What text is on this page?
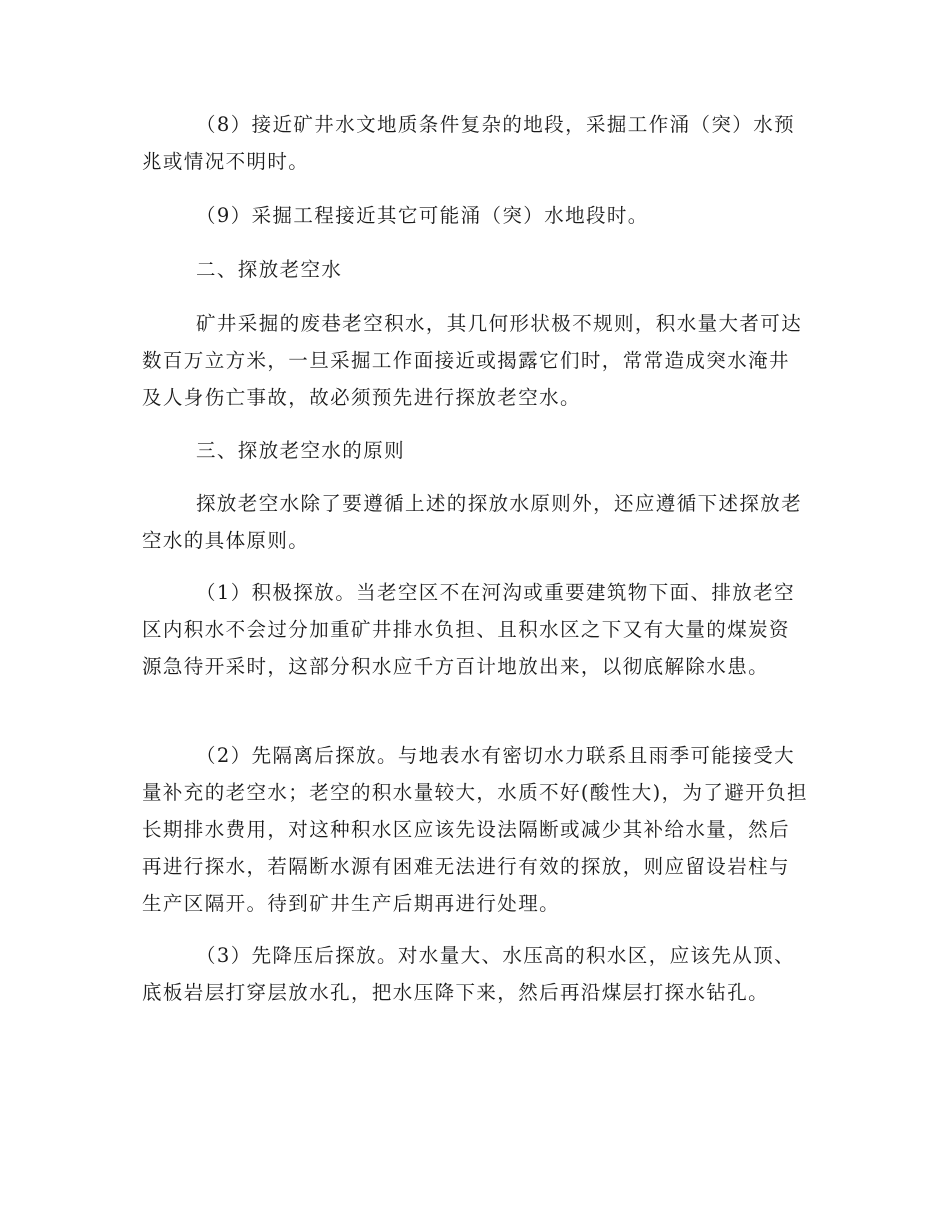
（8）接近矿井水文地质条件复杂的地段，采掘工作涌（突）水预兆或情况不明时。

（9）采掘工程接近其它可能涌（突）水地段时。

二、探放老空水

矿井采掘的废巷老空积水，其几何形状极不规则，积水量大者可达数百万立方米，一旦采掘工作面接近或揭露它们时，常常造成突水淹井及人身伤亡事故，故必须预先进行探放老空水。

三、探放老空水的原则

探放老空水除了要遵循上述的探放水原则外，还应遵循下述探放老空水的具体原则。

（1）积极探放。当老空区不在河沟或重要建筑物下面、排放老空区内积水不会过分加重矿井排水负担、且积水区之下又有大量的煤炭资源急待开采时，这部分积水应千方百计地放出来，以彻底解除水患。

（2）先隔离后探放。与地表水有密切水力联系且雨季可能接受大量补充的老空水；老空的积水量较大，水质不好(酸性大)，为了避开负担长期排水费用，对这种积水区应该先设法隔断或减少其补给水量，然后再进行探水，若隔断水源有困难无法进行有效的探放，则应留设岩柱与生产区隔开。待到矿井生产后期再进行处理。

（3）先降压后探放。对水量大、水压高的积水区，应该先从顶、底板岩层打穿层放水孔，把水压降下来，然后再沿煤层打探水钻孔。
